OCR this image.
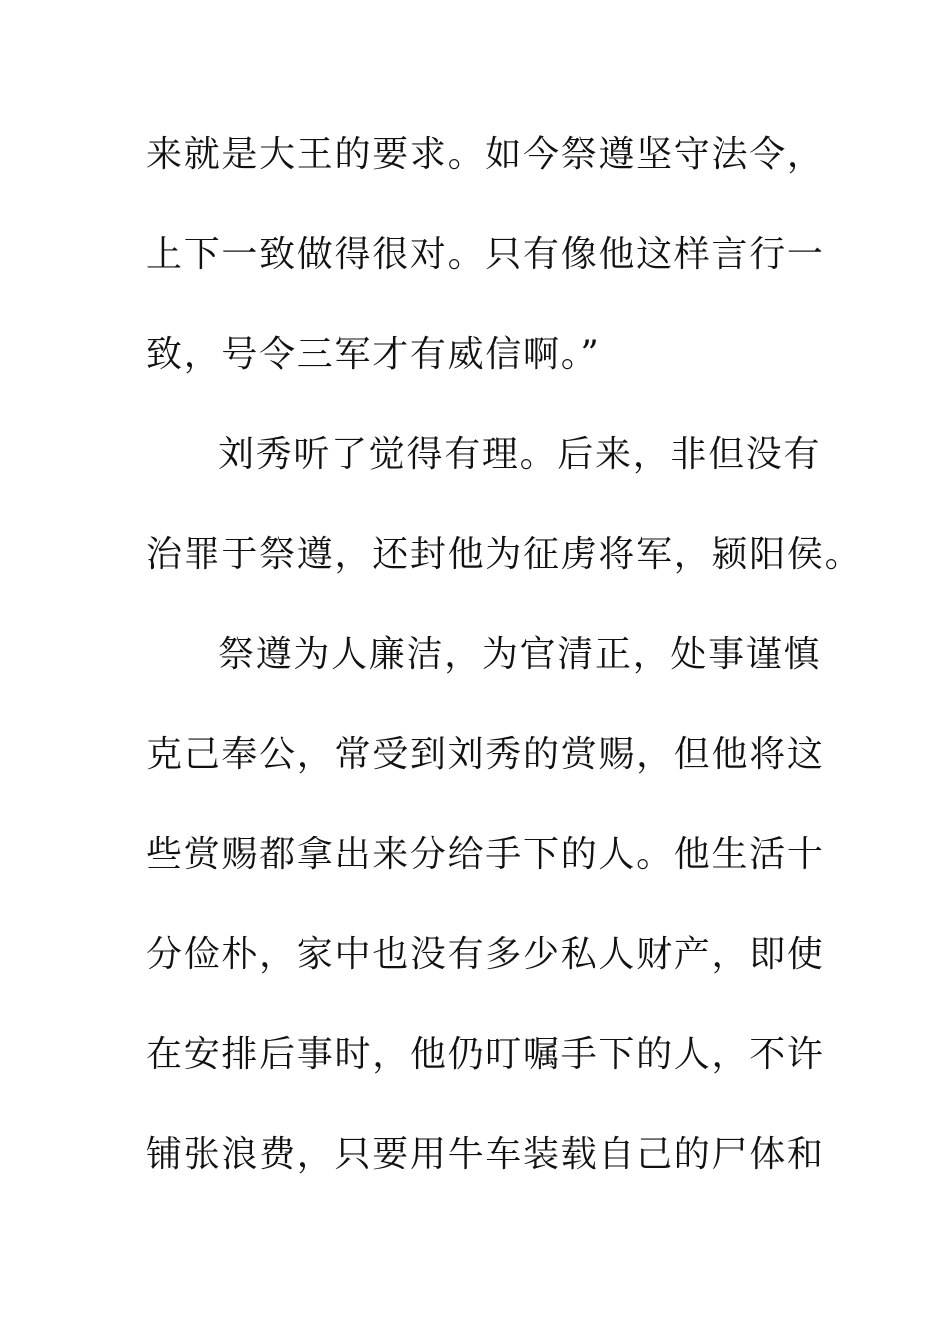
来就是大王的要求。如今祭遵坚守法令，
上下一致做得很对。只有像他这样言行一
致，号令三军才有威信啊。”
刘秀听了觉得有理。后来，非但没有
治罪于祭遵，还封他为征虏将军，颍阳侯。
祭遵为人廉洁，为官清正，处事谨慎
克己奉公，常受到刘秀的赏赐，但他将这
些赏赐都拿出来分给手下的人。他生活十
分俭朴，家中也没有多少私人财产，即使
在安排后事时，他仍叮嘱手下的人，不许
铺张浪费，只要用牛车装载自己的尸体和
